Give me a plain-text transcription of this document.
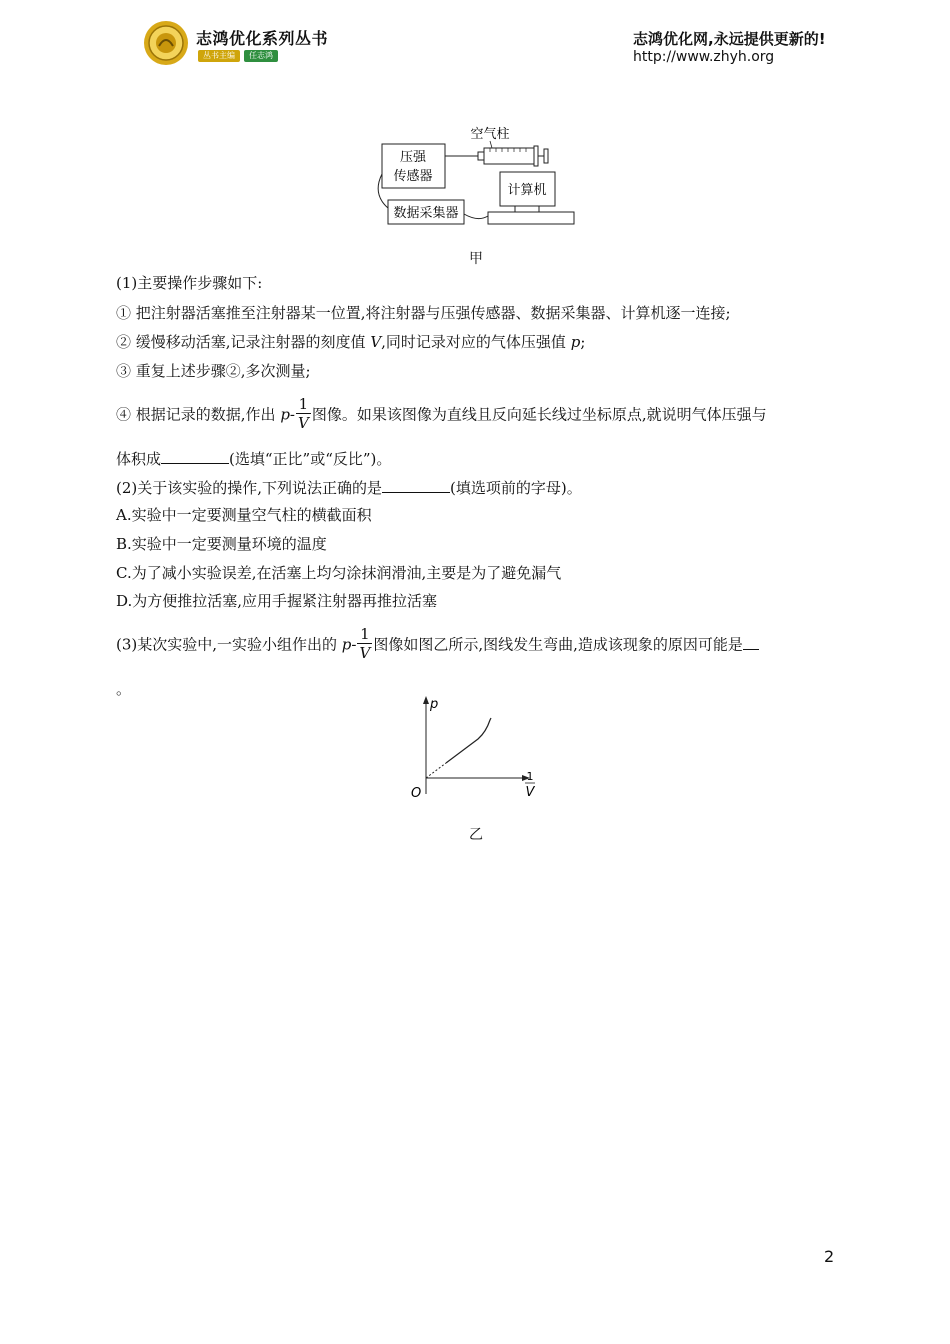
志鸿优化系列丛书
丛书主编	任志鸿
志鸿优化网,永远提供更新的!
http://www.zhyh.org
压强
传感器
空气柱
计算机
数据采集器
甲
(1)主要操作步骤如下:
① 把注射器活塞推至注射器某一位置,将注射器与压强传感器、数据采集器、计算机逐一连接;
② 缓慢移动活塞,记录注射器的刻度值 V,同时记录对应的气体压强值 p;
③ 重复上述步骤②,多次测量;
④ 根据记录的数据,作出 $p- \frac{1}{V}$ 图像。如果该图像为直线且反向延长线过坐标原点,就说明气体压强与
体积成	(选填“正比”或“反比”)。
(2)关于该实验的操作,下列说法正确的是	(填选项前的字母)。
A.实验中一定要测量空气柱的横截面积
B.实验中一定要测量环境的温度
C.为了减小实验误差,在活塞上均匀涂抹润滑油,主要是为了避免漏气
D.为方便推拉活塞,应用手握紧注射器再推拉活塞
(3)某次实验中,一实验小组作出的 $p- \frac{1}{V}$ 图像如图乙所示,图线发生弯曲,造成该现象的原因可能是
。
p
O
1
V
乙
2
